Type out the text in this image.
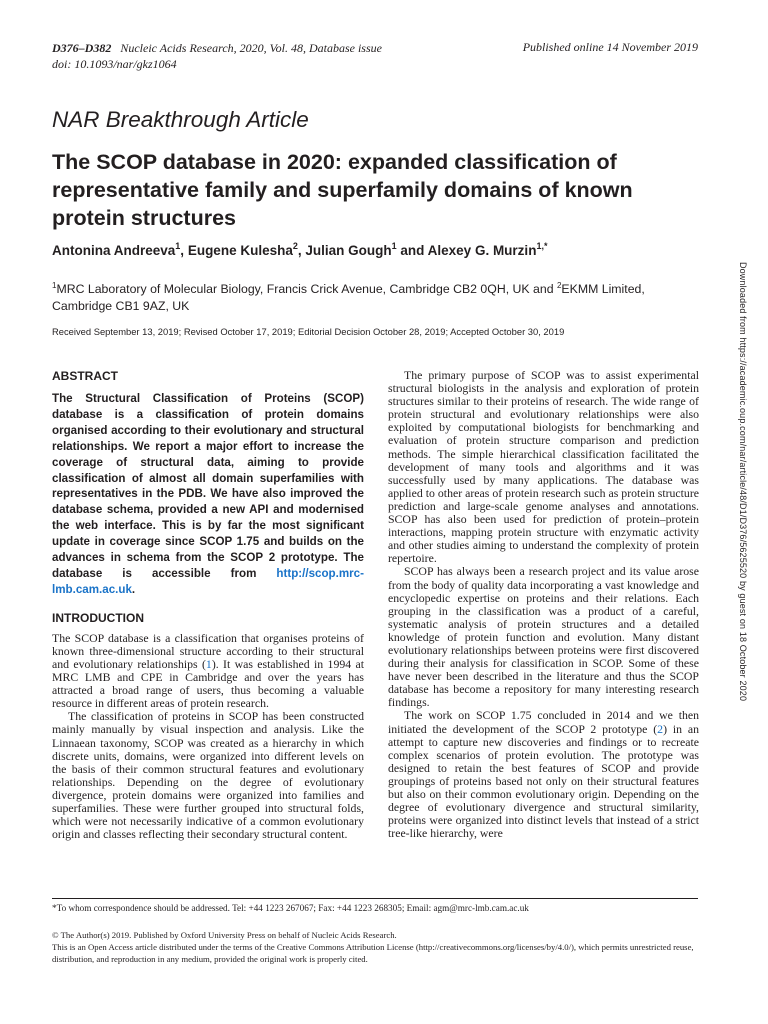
D376–D382 Nucleic Acids Research, 2020, Vol. 48, Database issue
doi: 10.1093/nar/gkz1064
Published online 14 November 2019
NAR Breakthrough Article
The SCOP database in 2020: expanded classification of representative family and superfamily domains of known protein structures
Antonina Andreeva$^1$, Eugene Kulesha$^2$, Julian Gough$^1$ and Alexey G. Murzin$^{1,*}$
$^1$MRC Laboratory of Molecular Biology, Francis Crick Avenue, Cambridge CB2 0QH, UK and $^2$EKMM Limited, Cambridge CB1 9AZ, UK
Received September 13, 2019; Revised October 17, 2019; Editorial Decision October 28, 2019; Accepted October 30, 2019	Downloaded from https://academic.oup.com/nar/article/48/D1/D376/5625520 by guest on 18 October 2020
ABSTRACT

The Structural Classification of Proteins (SCOP) database is a classification of protein domains organised according to their evolutionary and structural relationships. We report a major effort to increase the coverage of structural data, aiming to provide classification of almost all domain superfamilies with representatives in the PDB. We have also improved the database schema, provided a new API and modernised the web interface. This is by far the most significant update in coverage since SCOP 1.75 and builds on the advances in schema from the SCOP 2 prototype. The database is accessible from http://scop.mrc-lmb.cam.ac.uk.

INTRODUCTION

The SCOP database is a classification that organises proteins of known three-dimensional structure according to their structural and evolutionary relationships (1). It was established in 1994 at MRC LMB and CPE in Cambridge and over the years has attracted a broad range of users, thus becoming a valuable resource in different areas of protein research.

The classification of proteins in SCOP has been constructed mainly manually by visual inspection and analysis. Like the Linnaean taxonomy, SCOP was created as a hierarchy in which discrete units, domains, were organized into different levels on the basis of their common structural features and evolutionary relationships. Depending on the degree of evolutionary divergence, protein domains were organized into families and superfamilies. These were further grouped into structural folds, which were not necessarily indicative of a common evolutionary origin and classes reflecting their secondary structural content.

The primary purpose of SCOP was to assist experimental structural biologists in the analysis and exploration of protein structures similar to their proteins of research. The wide range of protein structural and evolutionary relationships were also exploited by computational biologists for benchmarking and evaluation of protein structure comparison and prediction methods. The simple hierarchical classification facilitated the development of many tools and algorithms and it was successfully used by many applications. The database was applied to other areas of protein research such as protein structure prediction and large-scale genome analyses and annotations. SCOP has also been used for prediction of protein–protein interactions, mapping protein structure with enzymatic activity and other studies aiming to understand the complexity of protein repertoire.

SCOP has always been a research project and its value arose from the body of quality data incorporating a vast knowledge and encyclopedic expertise on proteins and their relations. Each grouping in the classification was a product of a careful, systematic analysis of protein structures and a detailed knowledge of protein function and evolution. Many distant evolutionary relationships between proteins were first discovered during their analysis for classification in SCOP. Some of these have never been described in the literature and thus the SCOP database has become a repository for many interesting research findings.

The work on SCOP 1.75 concluded in 2014 and we then initiated the development of the SCOP 2 prototype (2) in an attempt to capture new discoveries and findings or to recreate complex scenarios of protein evolution. The prototype was designed to retain the best features of SCOP and provide groupings of proteins based not only on their structural features but also on their common evolutionary origin. Depending on the degree of evolutionary divergence and structural similarity, proteins were organized into distinct levels that instead of a strict tree-like hierarchy, were

*To whom correspondence should be addressed. Tel: +44 1223 267067; Fax: +44 1223 268305; Email: agm@mrc-lmb.cam.ac.uk
© The Author(s) 2019. Published by Oxford University Press on behalf of Nucleic Acids Research.
This is an Open Access article distributed under the terms of the Creative Commons Attribution License (http://creativecommons.org/licenses/by/4.0/), which permits unrestricted reuse, distribution, and reproduction in any medium, provided the original work is properly cited.
